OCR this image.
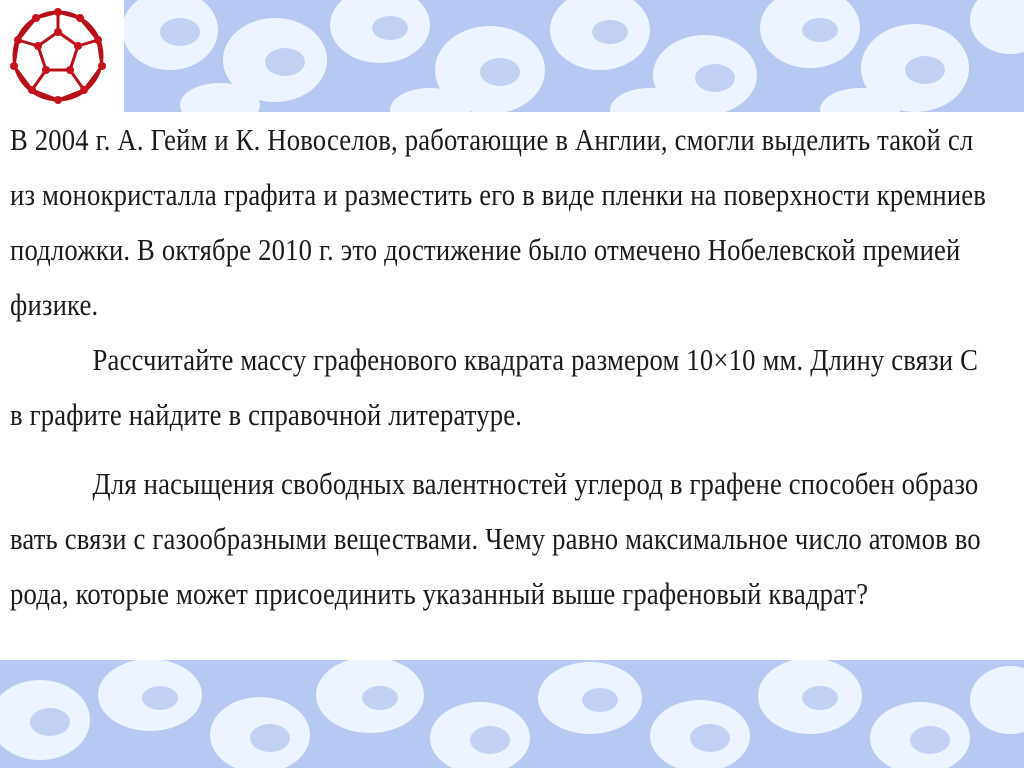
В 2004 г. А. Гейм и К. Новоселов, работающие в Англии, смогли выделить такой сл
из монокристалла графита и разместить его в виде пленки на поверхности кремниев
подложки. В октябре 2010 г. это достижение было отмечено Нобелевской премией
физике.
Рассчитайте массу графенового квадрата размером 10×10 мм. Длину связи С
в графите найдите в справочной литературе.
Для насыщения свободных валентностей углерод в графене способен образо
вать связи с газообразными веществами. Чему равно максимальное число атомов во
рода, которые может присоединить указанный выше графеновый квадрат?
